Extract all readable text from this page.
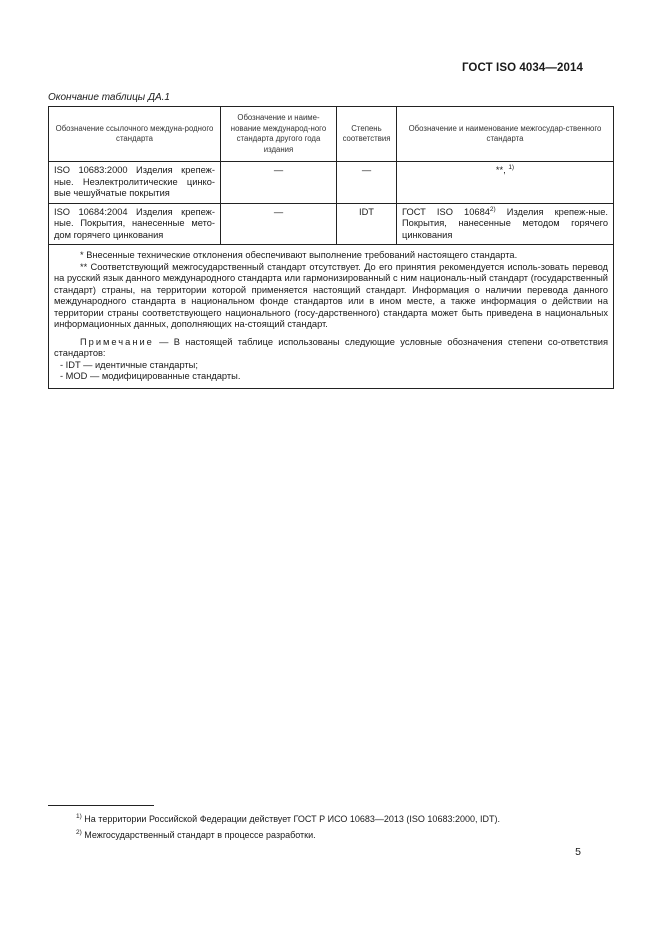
ГОСТ ISO 4034—2014
Окончание таблицы ДА.1
Обозначение ссылочного междуна-родного стандарта	Обозначение и наиме-нование международ-ного стандарта другого года издания	Степень соответствия	Обозначение и наименование межгосудар-ственного стандарта
ISO 10683:2000 Изделия крепеж-ные. Неэлектролитические цинко-вые чешуйчатые покрытия	—	—	**, $^{1)}$
ISO 10684:2004 Изделия крепеж-ные. Покрытия, нанесенные мето-дом горячего цинкования	—	IDT	ГОСТ ISO 10684$^{2)}$ Изделия крепеж-ные. Покрытия, нанесенные методом горячего цинкования

* Внесенные технические отклонения обеспечивают выполнение требований настоящего стандарта.

** Соответствующий межгосударственный стандарт отсутствует. До его принятия рекомендуется исполь-зовать перевод на русский язык данного международного стандарта или гармонизированный с ним националь-ный стандарт (государственный стандарт) страны, на территории которой применяется настоящий стандарт. Информация о наличии перевода данного международного стандарта в национальном фонде стандартов или в ином месте, а также информация о действии на территории страны соответствующего национального (госу-дарственного) стандарта может быть приведена в национальных информационных данных, дополняющих на-стоящий стандарт.

Примечание — В настоящей таблице использованы следующие условные обозначения степени со-ответствия стандартов:

- IDT — идентичные стандарты;

- MOD — модифицированные стандарты.			

$^{1)}$ На территории Российской Федерации действует ГОСТ Р ИСО 10683—2013 (ISO 10683:2000, IDT).
$^{2)}$ Межгосударственный стандарт в процессе разработки.
5
